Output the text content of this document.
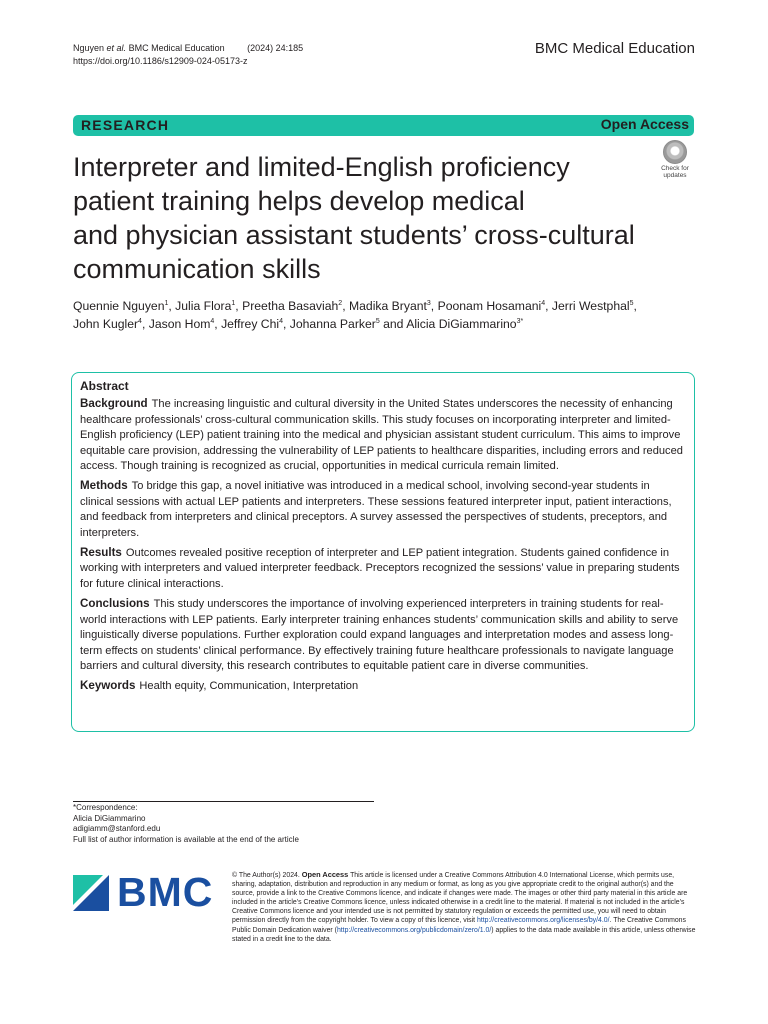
Nguyen et al. BMC Medical Education	(2024) 24:185
https://doi.org/10.1186/s12909-024-05173-z
BMC Medical Education
RESEARCH	Open Access
Check for
updates
Interpreter and limited-English proficiency
patient training helps develop medical
and physician assistant students’ cross-cultural
communication skills
Quennie Nguyen$^1$, Julia Flora$^1$, Preetha Basaviah$^2$, Madika Bryant$^3$, Poonam Hosamani$^4$, Jerri Westphal$^5$,
John Kugler$^4$, Jason Hom$^4$, Jeffrey Chi$^4$, Johanna Parker$^5$ and Alicia DiGiammarino$^{3*}$
Abstract

Background The increasing linguistic and cultural diversity in the United States underscores the necessity of enhancing healthcare professionals’ cross-cultural communication skills. This study focuses on incorporating interpreter and limited-English proficiency (LEP) patient training into the medical and physician assistant student curriculum. This aims to improve equitable care provision, addressing the vulnerability of LEP patients to healthcare disparities, including errors and reduced access. Though training is recognized as crucial, opportunities in medical curricula remain limited.

Methods To bridge this gap, a novel initiative was introduced in a medical school, involving second-year students in clinical sessions with actual LEP patients and interpreters. These sessions featured interpreter input, patient interactions, and feedback from interpreters and clinical preceptors. A survey assessed the perspectives of students, preceptors, and interpreters.

Results Outcomes revealed positive reception of interpreter and LEP patient integration. Students gained confidence in working with interpreters and valued interpreter feedback. Preceptors recognized the sessions’ value in preparing students for future clinical interactions.

Conclusions This study underscores the importance of involving experienced interpreters in training students for real-world interactions with LEP patients. Early interpreter training enhances students’ communication skills and ability to serve linguistically diverse populations. Further exploration could expand languages and interpretation modes and assess long-term effects on students’ clinical performance. By effectively training future healthcare professionals to navigate language barriers and cultural diversity, this research contributes to equitable patient care in diverse communities.

Keywords Health equity, Communication, Interpretation

*Correspondence:
Alicia DiGiammarino
adigiamm@stanford.edu
Full list of author information is available at the end of the article
BMC	© The Author(s) 2024. Open Access This article is licensed under a Creative Commons Attribution 4.0 International License, which permits use, sharing, adaptation, distribution and reproduction in any medium or format, as long as you give appropriate credit to the original author(s) and the source, provide a link to the Creative Commons licence, and indicate if changes were made. The images or other third party material in this article are included in the article’s Creative Commons licence, unless indicated otherwise in a credit line to the material. If material is not included in the article’s Creative Commons licence and your intended use is not permitted by statutory regulation or exceeds the permitted use, you will need to obtain permission directly from the copyright holder. To view a copy of this licence, visit http://creativecommons.org/licenses/by/4.0/. The Creative Commons Public Domain Dedication waiver (http://creativecommons.org/publicdomain/zero/1.0/) applies to the data made available in this article, unless otherwise stated in a credit line to the data.
